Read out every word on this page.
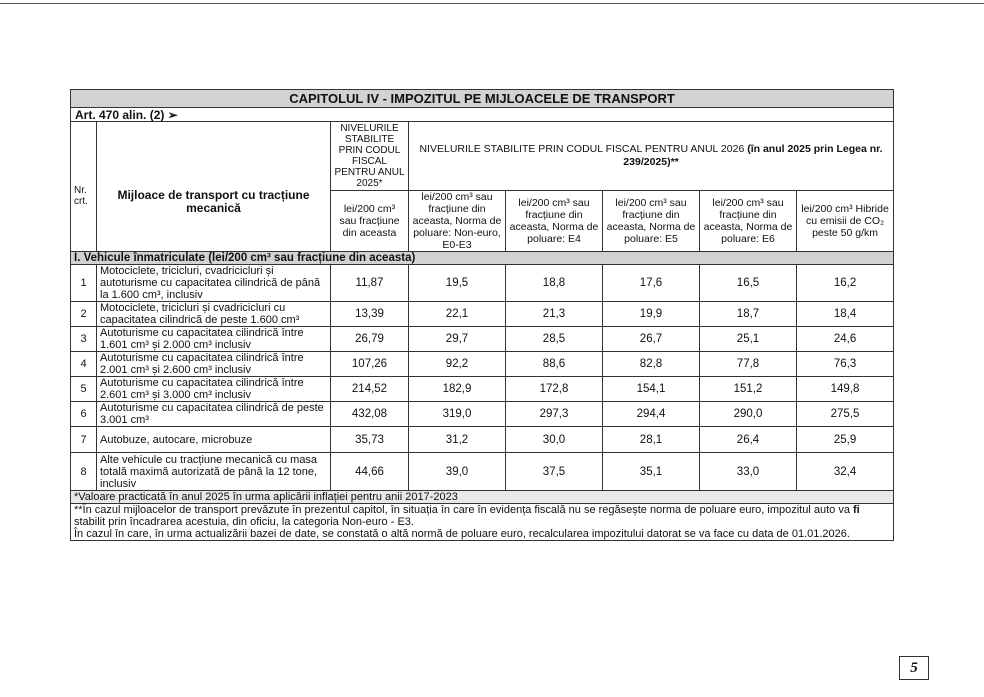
CAPITOLUL IV - IMPOZITUL PE MIJLOACELE DE TRANSPORT							
Art. 470 alin. (2) ➢							
Nr. crt.	Mijloace de transport cu tracțiune mecanică	NIVELURILE STABILITE PRIN CODUL FISCAL PENTRU ANUL 2025*	NIVELURILE STABILITE PRIN CODUL FISCAL PENTRU ANUL 2026 (în anul 2025 prin Legea nr. 239/2025)**				
		lei/200 cm³ sau fracțiune din aceasta	lei/200 cm³ sau fracțiune din aceasta, Norma de poluare: Non-euro, E0-E3	lei/200 cm³ sau fracțiune din aceasta, Norma de poluare: E4	lei/200 cm³ sau fracțiune din aceasta, Norma de poluare: E5	lei/200 cm³ sau fracțiune din aceasta, Norma de poluare: E6	lei/200 cm³ Hibride cu emisii de CO₂ peste 50 g/km
I. Vehicule înmatriculate (lei/200 cm³ sau fracțiune din aceasta)							
1	Motociclete, tricicluri, cvadricicluri și autoturisme cu capacitatea cilindrică de până la 1.600 cm³, inclusiv	11,87	19,5	18,8	17,6	16,5	16,2
2	Motociclete, tricicluri și cvadricicluri cu capacitatea cilindrică de peste 1.600 cm³	13,39	22,1	21,3	19,9	18,7	18,4
3	Autoturisme cu capacitatea cilindrică între 1.601 cm³ și 2.000 cm³ inclusiv	26,79	29,7	28,5	26,7	25,1	24,6
4	Autoturisme cu capacitatea cilindrică între 2.001 cm³ și 2.600 cm³ inclusiv	107,26	92,2	88,6	82,8	77,8	76,3
5	Autoturisme cu capacitatea cilindrică între 2.601 cm³ și 3.000 cm³ inclusiv	214,52	182,9	172,8	154,1	151,2	149,8
6	Autoturisme cu capacitatea cilindrică de peste 3.001 cm³	432,08	319,0	297,3	294,4	290,0	275,5
7	Autobuze, autocare, microbuze	35,73	31,2	30,0	28,1	26,4	25,9
8	Alte vehicule cu tracțiune mecanică cu masa totală maximă autorizată de până la 12 tone, inclusiv	44,66	39,0	37,5	35,1	33,0	32,4
*Valoare practicată în anul 2025 în urma aplicării inflației pentru anii 2017-2023							
**În cazul mijloacelor de transport prevăzute în prezentul capitol, în situația în care în evidența fiscală nu se regăsește norma de poluare euro, impozitul auto va fi stabilit prin încadrarea acestuia, din oficiu, la categoria Non-euro - E3.
În cazul în care, în urma actualizării bazei de date, se constată o altă normă de poluare euro, recalcularea impozitului datorat se va face cu data de 01.01.2026.							
5
